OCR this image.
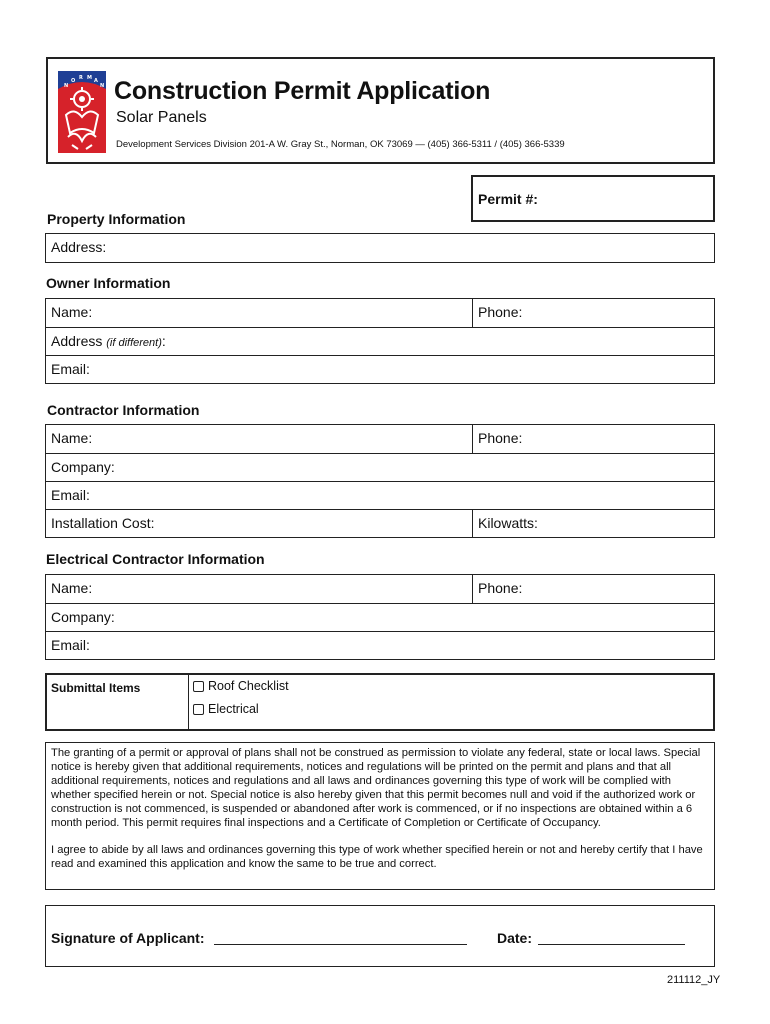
N
O R M A
N Construction Permit Application
Solar Panels
Development Services Division 201-A W. Gray St., Norman, OK 73069 — (405) 366-5311 / (405) 366-5339
Permit #:
Property Information
Address:
Owner Information
Name:	Phone:
Address (if different):
Email:
Contractor Information
Name:	Phone:
Company:
Email:
Installation Cost:	Kilowatts:
Electrical Contractor Information
Name:	Phone:
Company:
Email:
Submittal Items	Roof Checklist
Electrical

The granting of a permit or approval of plans shall not be construed as permission to violate any federal, state or local laws. Special notice is hereby given that additional requirements, notices and regulations will be printed on the permit and plans and that all additional requirements, notices and regulations and all laws and ordinances governing this type of work will be complied with whether specified herein or not. Special notice is also hereby given that this permit becomes null and void if the authorized work or construction is not commenced, is suspended or abandoned after work is commenced, or if no inspections are obtained within a 6 month period. This permit requires final inspections and a Certificate of Completion or Certificate of Occupancy.

I agree to abide by all laws and ordinances governing this type of work whether specified herein or not and hereby certify that I have read and examined this application and know the same to be true and correct.

Signature of Applicant:	Date:
211112_JY
